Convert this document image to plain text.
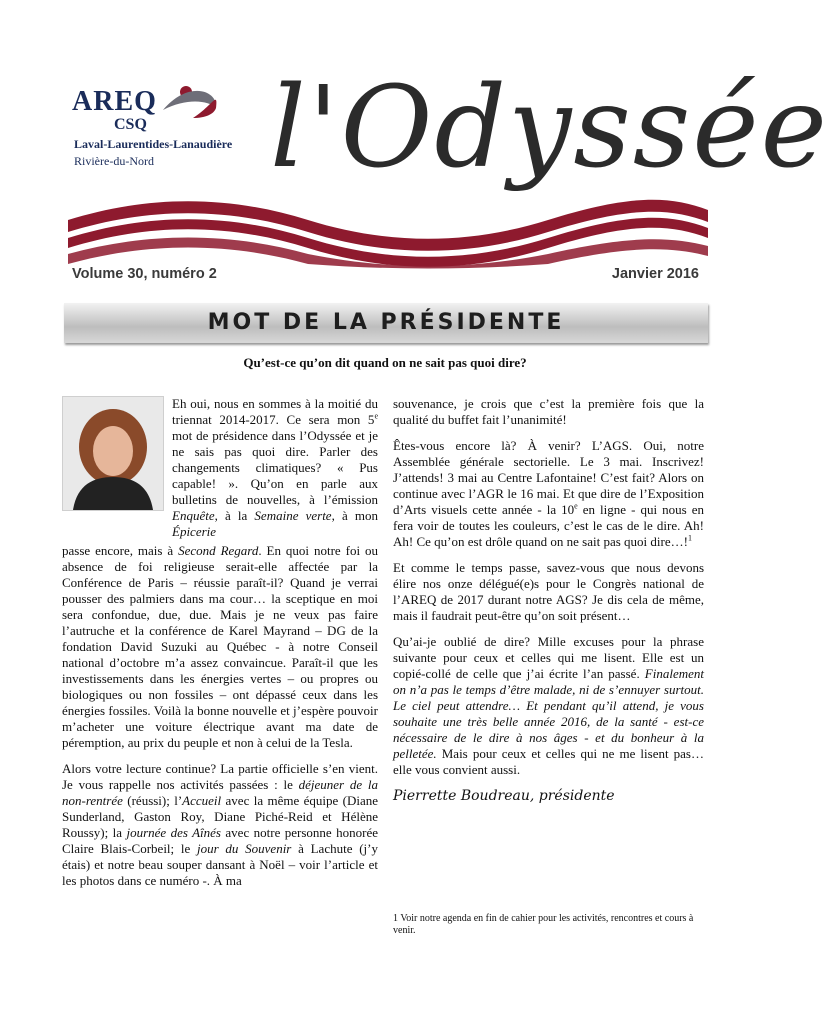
AREQ
CSQ
Laval-Laurentides-Lanaudière
Rivière-du-Nord l'Odyssée
Volume 30, numéro 2	Janvier 2016
MOT DE LA PRÉSIDENTE
Qu’est-ce qu’on dit quand on ne sait pas quoi dire?

Eh oui, nous en sommes à la moitié du triennat 2014-2017. Ce sera mon 5e mot de présidence dans l’Odyssée et je ne sais pas quoi dire. Parler des changements climatiques? « Pus capable! ». Qu’on en parle aux bulletins de nouvelles, à l’émission Enquête, à la Semaine verte, à mon Épicerie

passe encore, mais à Second Regard. En quoi notre foi ou absence de foi religieuse serait-elle affectée par la Conférence de Paris – réussie paraît-il? Quand je verrai pousser des palmiers dans ma cour… la sceptique en moi sera confondue, due, due. Mais je ne veux pas faire l’autruche et la conférence de Karel Mayrand – DG de la fondation David Suzuki au Québec - à notre Conseil national d’octobre m’a assez convaincue. Paraît-il que les investissements dans les énergies vertes – ou propres ou biologiques ou non fossiles – ont dépassé ceux dans les énergies fossiles. Voilà la bonne nouvelle et j’espère pouvoir m’acheter une voiture électrique avant ma date de péremption, au prix du peuple et non à celui de la Tesla.

Alors votre lecture continue? La partie officielle s’en vient. Je vous rappelle nos activités passées : le déjeuner de la non-rentrée (réussi); l’Accueil avec la même équipe (Diane Sunderland, Gaston Roy, Diane Piché-Reid et Hélène Roussy); la journée des Aînés avec notre personne honorée Claire Blais-Corbeil; le jour du Souvenir à Lachute (j’y étais) et notre beau souper dansant à Noël – voir l’article et les photos dans ce numéro -. À ma

souvenance, je crois que c’est la première fois que la qualité du buffet fait l’unanimité!

Êtes-vous encore là? À venir? L’AGS. Oui, notre Assemblée générale sectorielle. Le 3 mai. Inscrivez! J’attends! 3 mai au Centre Lafontaine! C’est fait? Alors on continue avec l’AGR le 16 mai. Et que dire de l’Exposition d’Arts visuels cette année - la 10e en ligne - qui nous en fera voir de toutes les couleurs, c’est le cas de le dire. Ah! Ah! Ce qu’on est drôle quand on ne sait pas quoi dire…!$^1$

Et comme le temps passe, savez-vous que nous devons élire nos onze délégué(e)s pour le Congrès national de l’AREQ de 2017 durant notre AGS? Je dis cela de même, mais il faudrait peut-être qu’on soit présent…

Qu’ai-je oublié de dire? Mille excuses pour la phrase suivante pour ceux et celles qui me lisent. Elle est un copié-collé de celle que j’ai écrite l’an passé. Finalement on n’a pas le temps d’être malade, ni de s’ennuyer surtout. Le ciel peut attendre… Et pendant qu’il attend, je vous souhaite une très belle année 2016, de la santé - est-ce nécessaire de le dire à nos âges - et du bonheur à la pelletée. Mais pour ceux et celles qui ne me lisent pas…elle vous convient aussi.

Pierrette Boudreau, présidente

1 Voir notre agenda en fin de cahier pour les activités, rencontres et cours à venir.
